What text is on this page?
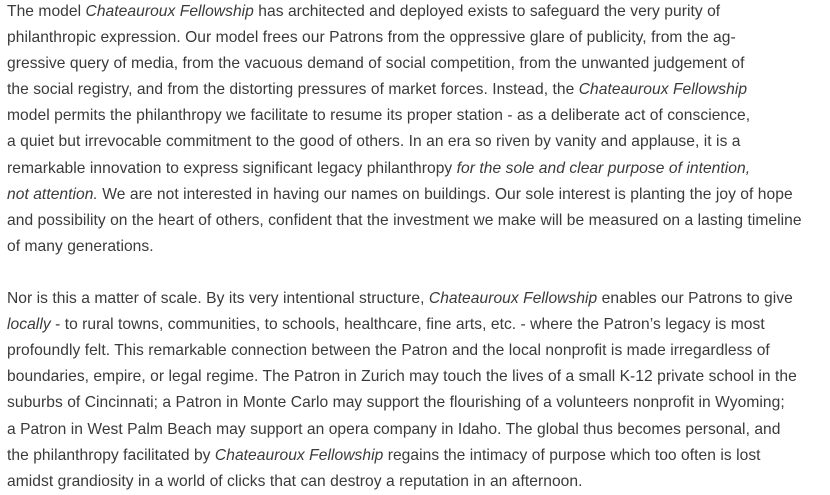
The model Chateauroux Fellowship has architected and deployed exists to safeguard the very purity of
philanthropic expression. Our model frees our Patrons from the oppressive glare of publicity, from the ag-
gressive query of media, from the vacuous demand of social competition, from the unwanted judgement of
the social registry, and from the distorting pressures of market forces. Instead, the Chateauroux Fellowship
model permits the philanthropy we facilitate to resume its proper station - as a deliberate act of conscience,
a quiet but irrevocable commitment to the good of others. In an era so riven by vanity and applause, it is a
remarkable innovation to express significant legacy philanthropy for the sole and clear purpose of intention,
not attention. We are not interested in having our names on buildings. Our sole interest is planting the joy of hope
and possibility on the heart of others, confident that the investment we make will be measured on a lasting timeline
of many generations.
Nor is this a matter of scale. By its very intentional structure, Chateauroux Fellowship enables our Patrons to give
locally - to rural towns, communities, to schools, healthcare, fine arts, etc. - where the Patron’s legacy is most
profoundly felt. This remarkable connection between the Patron and the local nonprofit is made irregardless of
boundaries, empire, or legal regime. The Patron in Zurich may touch the lives of a small K-12 private school in the
suburbs of Cincinnati; a Patron in Monte Carlo may support the flourishing of a volunteers nonprofit in Wyoming;
a Patron in West Palm Beach may support an opera company in Idaho. The global thus becomes personal, and
the philanthropy facilitated by Chateauroux Fellowship regains the intimacy of purpose which too often is lost
amidst grandiosity in a world of clicks that can destroy a reputation in an afternoon.
